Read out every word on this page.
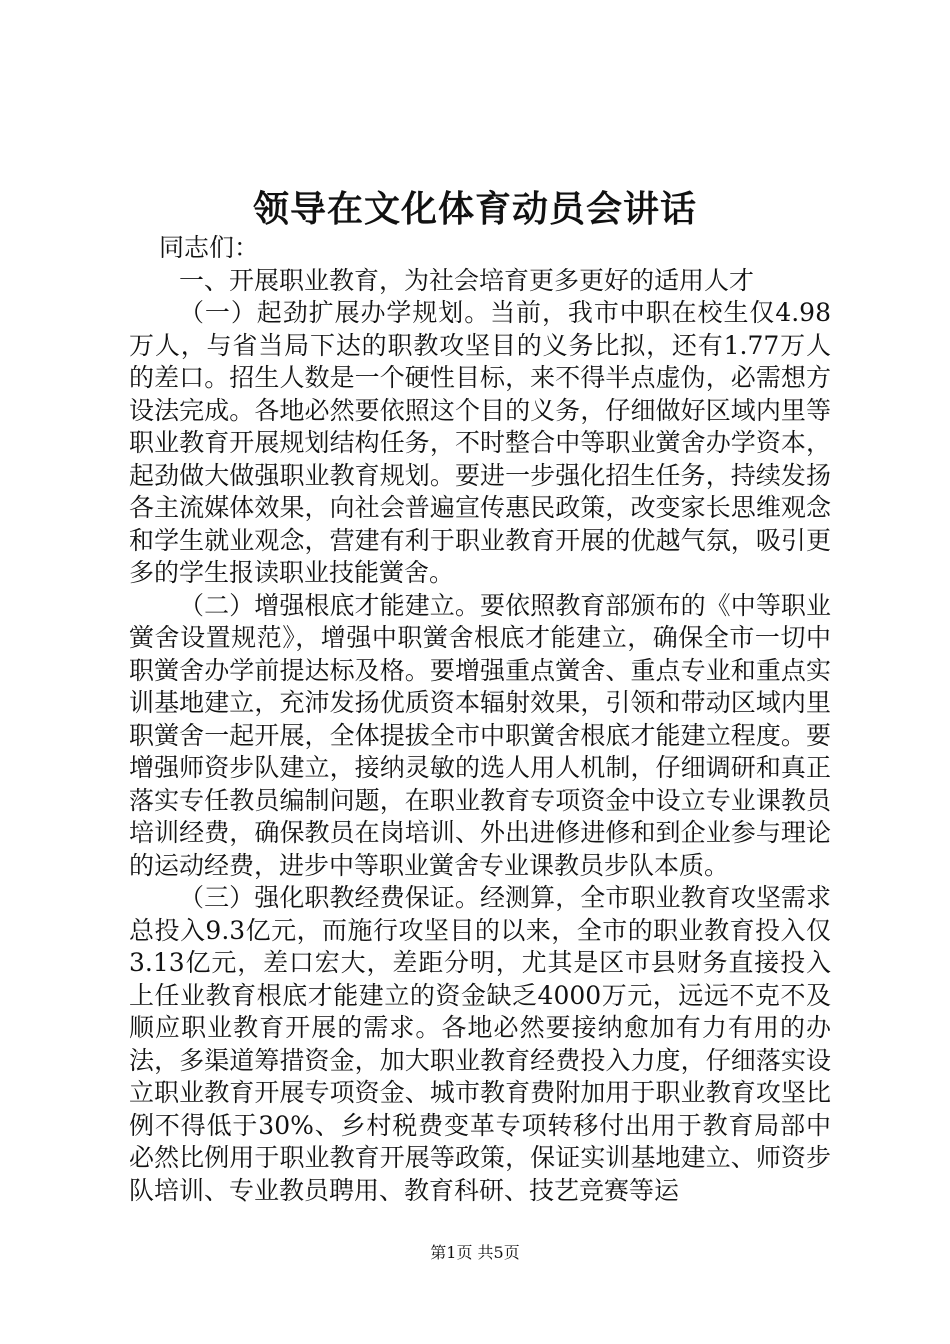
领导在文化体育动员会讲话

同志们：

一、开展职业教育，为社会培育更多更好的适用人才

（一）起劲扩展办学规划。当前，我市中职在校生仅4.98万人，与省当局下达的职教攻坚目的义务比拟，还有1.77万人的差口。招生人数是一个硬性目标，来不得半点虚伪，必需想方设法完成。各地必然要依照这个目的义务，仔细做好区域内里等职业教育开展规划结构任务，不时整合中等职业黉舍办学资本，起劲做大做强职业教育规划。要进一步强化招生任务，持续发扬各主流媒体效果，向社会普遍宣传惠民政策，改变家长思维观念和学生就业观念，营建有利于职业教育开展的优越气氛，吸引更多的学生报读职业技能黉舍。

（二）增强根底才能建立。要依照教育部颁布的《中等职业黉舍设置规范》，增强中职黉舍根底才能建立，确保全市一切中职黉舍办学前提达标及格。要增强重点黉舍、重点专业和重点实训基地建立，充沛发扬优质资本辐射效果，引领和带动区域内里职黉舍一起开展，全体提拔全市中职黉舍根底才能建立程度。要增强师资步队建立，接纳灵敏的选人用人机制，仔细调研和真正落实专任教员编制问题，在职业教育专项资金中设立专业课教员培训经费，确保教员在岗培训、外出进修进修和到企业参与理论的运动经费，进步中等职业黉舍专业课教员步队本质。

（三）强化职教经费保证。经测算，全市职业教育攻坚需求总投入9.3亿元，而施行攻坚目的以来，全市的职业教育投入仅3.13亿元，差口宏大，差距分明，尤其是区市县财务直接投入上任业教育根底才能建立的资金缺乏4000万元，远远不克不及顺应职业教育开展的需求。各地必然要接纳愈加有力有用的办法，多渠道筹措资金，加大职业教育经费投入力度，仔细落实设立职业教育开展专项资金、城市教育费附加用于职业教育攻坚比例不得低于30%、乡村税费变革专项转移付出用于教育局部中必然比例用于职业教育开展等政策，保证实训基地建立、师资步队培训、专业教员聘用、教育科研、技艺竞赛等运

第1页 共5页
